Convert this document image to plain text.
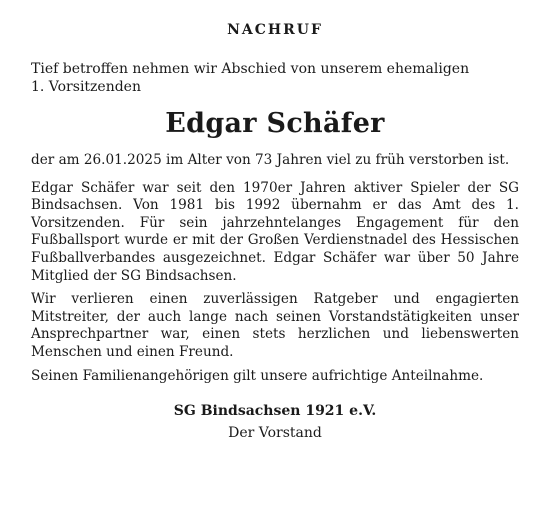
NACHRUF
Tief betroffen nehmen wir Abschied von unserem ehemaligen
1. Vorsitzenden
Edgar Schäfer

der am 26.01.2025 im Alter von 73 Jahren viel zu früh verstorben ist.

Edgar Schäfer war seit den 1970er Jahren aktiver Spieler der SG Bindsachsen. Von 1981 bis 1992 übernahm er das Amt des 1. Vorsitzenden. Für sein jahrzehntelanges Engagement für den Fußballsport wurde er mit der Großen Verdienstnadel des Hessischen Fußballverbandes ausgezeichnet. Edgar Schäfer war über 50 Jahre Mitglied der SG Bindsachsen.

Wir verlieren einen zuverlässigen Ratgeber und engagierten Mitstreiter, der auch lange nach seinen Vorstandstätigkeiten unser Ansprechpartner war, einen stets herzlichen und liebenswerten Menschen und einen Freund.

Seinen Familienangehörigen gilt unsere aufrichtige Anteilnahme.

SG Bindsachsen 1921 e.V.
Der Vorstand
